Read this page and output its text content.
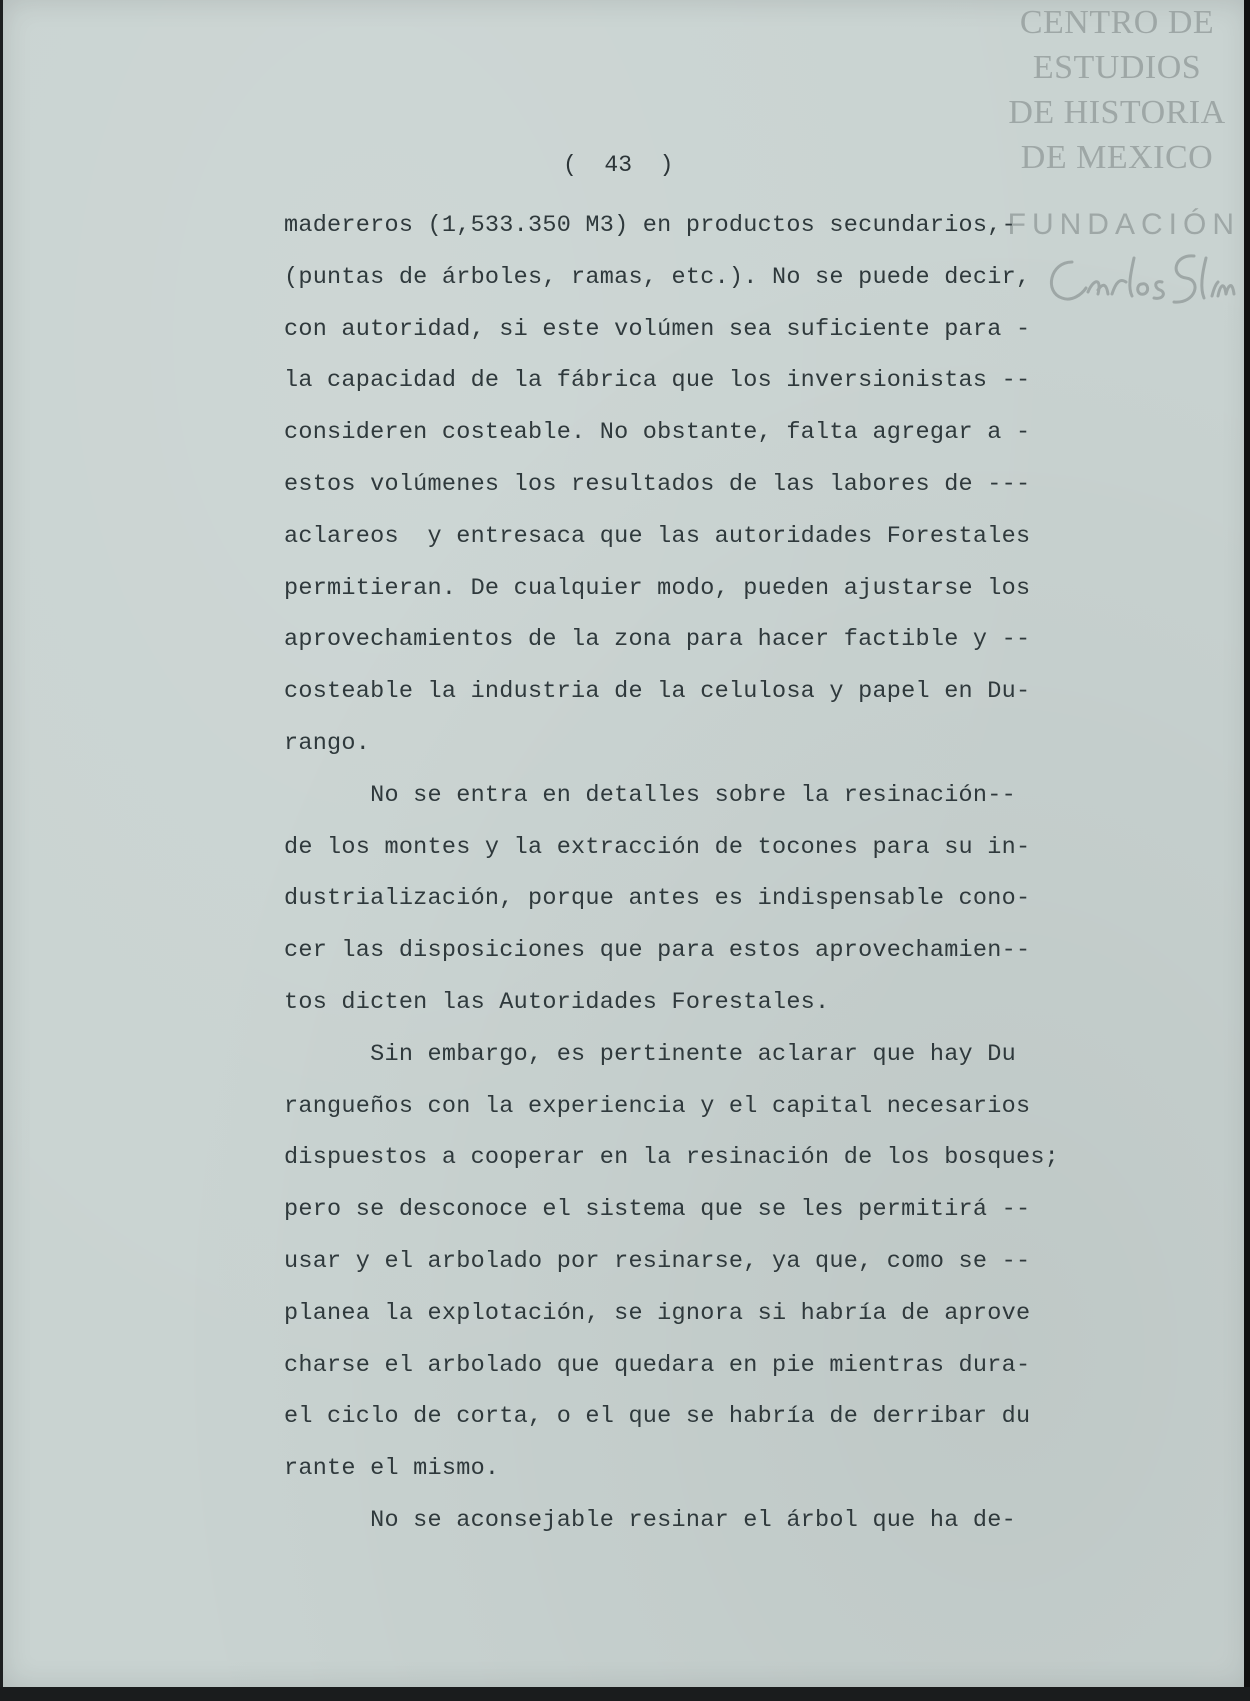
CENTRO DE
ESTUDIOS
DE HISTORIA
DE MEXICO
FUNDACIÓN
(  43  )
madereros (1,533.350 M3) en productos secundarios,-
(puntas de árboles, ramas, etc.). No se puede decir,
con autoridad, si este volúmen sea suficiente para -
la capacidad de la fábrica que los inversionistas --
consideren costeable. No obstante, falta agregar a -
estos volúmenes los resultados de las labores de ---
aclareos  y entresaca que las autoridades Forestales
permitieran. De cualquier modo, pueden ajustarse los
aprovechamientos de la zona para hacer factible y --
costeable la industria de la celulosa y papel en Du-
rango.
No se entra en detalles sobre la resinación--
de los montes y la extracción de tocones para su in-
dustrialización, porque antes es indispensable cono-
cer las disposiciones que para estos aprovechamien--
tos dicten las Autoridades Forestales.
Sin embargo, es pertinente aclarar que hay Du
rangueños con la experiencia y el capital necesarios
dispuestos a cooperar en la resinación de los bosques;
pero se desconoce el sistema que se les permitirá --
usar y el arbolado por resinarse, ya que, como se --
planea la explotación, se ignora si habría de aprove
charse el arbolado que quedara en pie mientras dura-
el ciclo de corta, o el que se habría de derribar du
rante el mismo.
No se aconsejable resinar el árbol que ha de-
